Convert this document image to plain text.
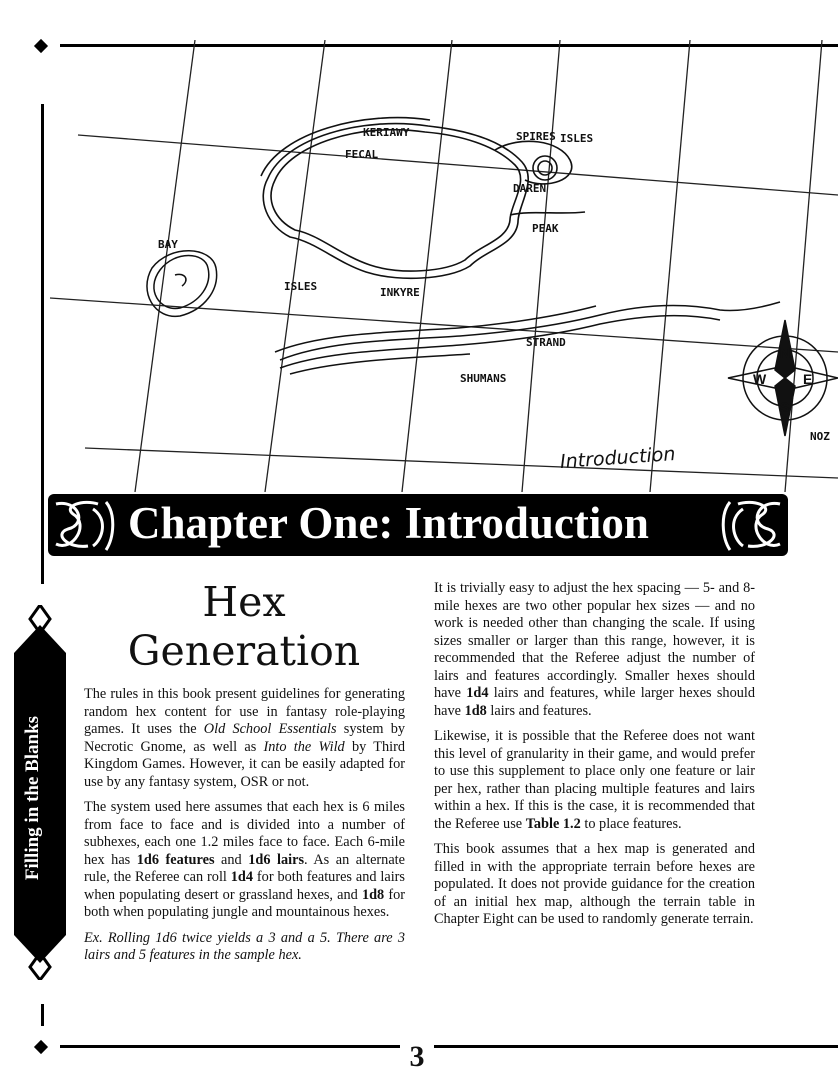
KERIAWY
FECAL
SPIRES ISLES
DAREN
PEAK
BAY
ISLES	INKYRE
STRAND
SHUMANS
NOZ
N
E
S
W
Introduction
Chapter One: Introduction
Filling in the Blanks
Hex
Generation

The rules in this book present guidelines for generating random hex content for use in fantasy role-playing games. It uses the Old School Essentials system by Necrotic Gnome, as well as Into the Wild by Third Kingdom Games. However, it can be easily adapted for use by any fantasy system, OSR or not.

The system used here assumes that each hex is 6 miles from face to face and is divided into a number of subhexes, each one 1.2 miles face to face. Each 6-mile hex has 1d6 features and 1d6 lairs. As an alternate rule, the Referee can roll 1d4 for both features and lairs when populating desert or grassland hexes, and 1d8 for both when populating jungle and mountainous hexes.

Ex. Rolling 1d6 twice yields a 3 and a 5. There are 3 lairs and 5 features in the sample hex.

It is trivially easy to adjust the hex spacing — 5- and 8-mile hexes are two other popular hex sizes — and no work is needed other than changing the scale. If using sizes smaller or larger than this range, however, it is recommended that the Referee adjust the number of lairs and features accordingly. Smaller hexes should have 1d4 lairs and features, while larger hexes should have 1d8 lairs and features.

Likewise, it is possible that the Referee does not want this level of granularity in their game, and would prefer to use this supplement to place only one feature or lair per hex, rather than placing multiple features and lairs within a hex. If this is the case, it is recommended that the Referee use Table 1.2 to place features.

This book assumes that a hex map is generated and filled in with the appropriate terrain before hexes are populated. It does not provide guidance for the creation of an initial hex map, although the terrain table in Chapter Eight can be used to randomly generate terrain.

3
